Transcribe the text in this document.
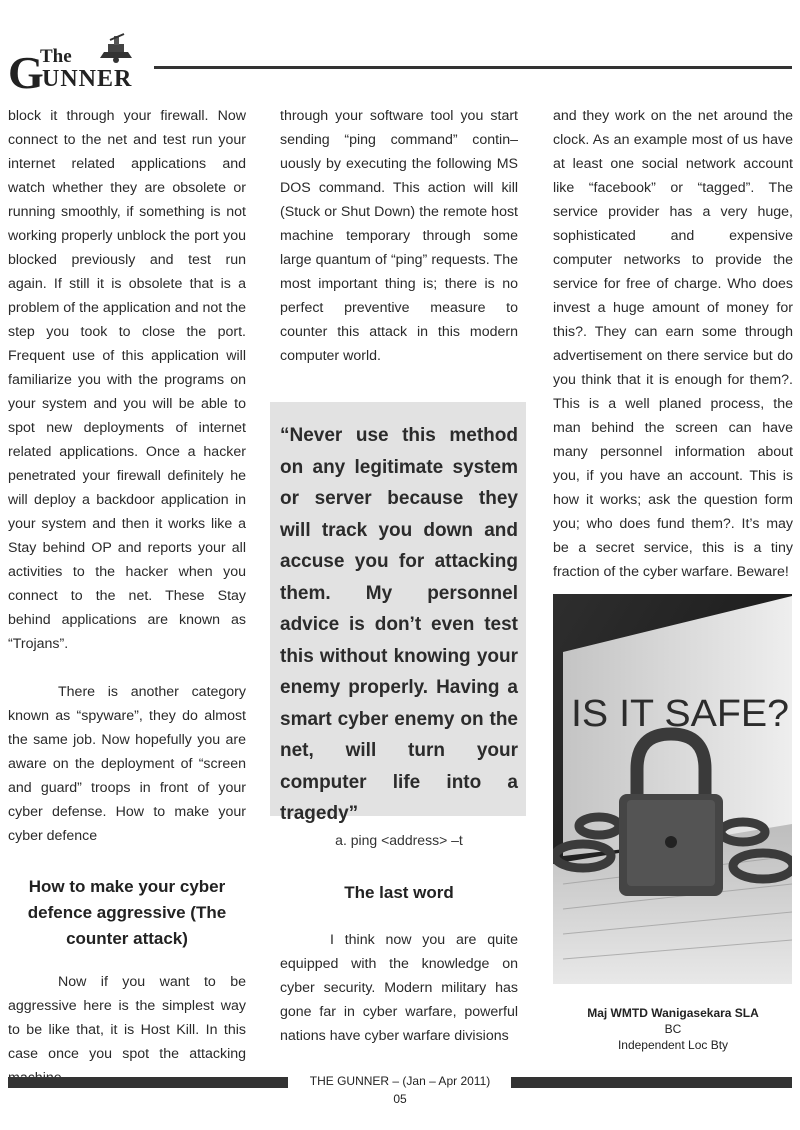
The
G
UNNER

block it through your firewall. Now connect to the net and test run your internet related applications and watch whether they are obsolete or running smoothly, if something is not working properly unblock the port you blocked previously and test run again. If still it is obsolete that is a problem of the application and not the step you took to close the port. Frequent use of this application will familiarize you with the programs on your system and you will be able to spot new deployments of internet related applications. Once a hacker penetrated your firewall definitely he will deploy a backdoor application in your system and then it works like a Stay behind OP and reports your all activities to the hacker when you connect to the net. These Stay behind applications are known as “Trojans”.

There is another category known as “spyware”, they do almost the same job. Now hopefully you are aware on the deployment of “screen and guard” troops in front of your cyber defense. How to make your cyber defence

How to make your cyber defence aggressive (The counter attack)

Now if you want to be aggressive here is the simplest way to be like that, it is Host Kill. In this case once you spot the attacking

through your software tool you start sending “ping command” contin–uously by executing the following MS DOS command. This action will kill (Stuck or Shut Down) the remote host machine temporary through some large quantum of “ping” requests. The most important thing is; there is no perfect preventive measure to counter this attack in this modern computer world.

“Never use this method on any legitimate system or server because they will track you down and accuse you for attacking them. My personnel advice is don’t even test this without knowing your enemy properly. Having a smart cyber enemy on the net, will turn your computer life into a tragedy”
a. ping <address> –t

The last word

I think now you are quite equipped with the knowledge on cyber security. Modern military has gone far in cyber warfare, powerful nations have cyber warfare divisions

and they work on the net around the clock. As an example most of us have at least one social network account like “facebook” or “tagged”. The service provider has a very huge, sophisticated and expensive computer networks to provide the service for free of charge. Who does invest a huge amount of money for this?. They can earn some through advertisement on there service but do you think that it is enough for them?. This is a well planed process, the man behind the screen can have many personnel information about you, if you have an account. This is how it works; ask the question form you; who does fund them?. It’s may be a secret service, this is a tiny fraction of the cyber warfare. Beware!

IS IT SAFE?
Maj WMTD Wanigasekara SLA
BC
Independent Loc Bty
THE GUNNER – (Jan – Apr 2011)
05
